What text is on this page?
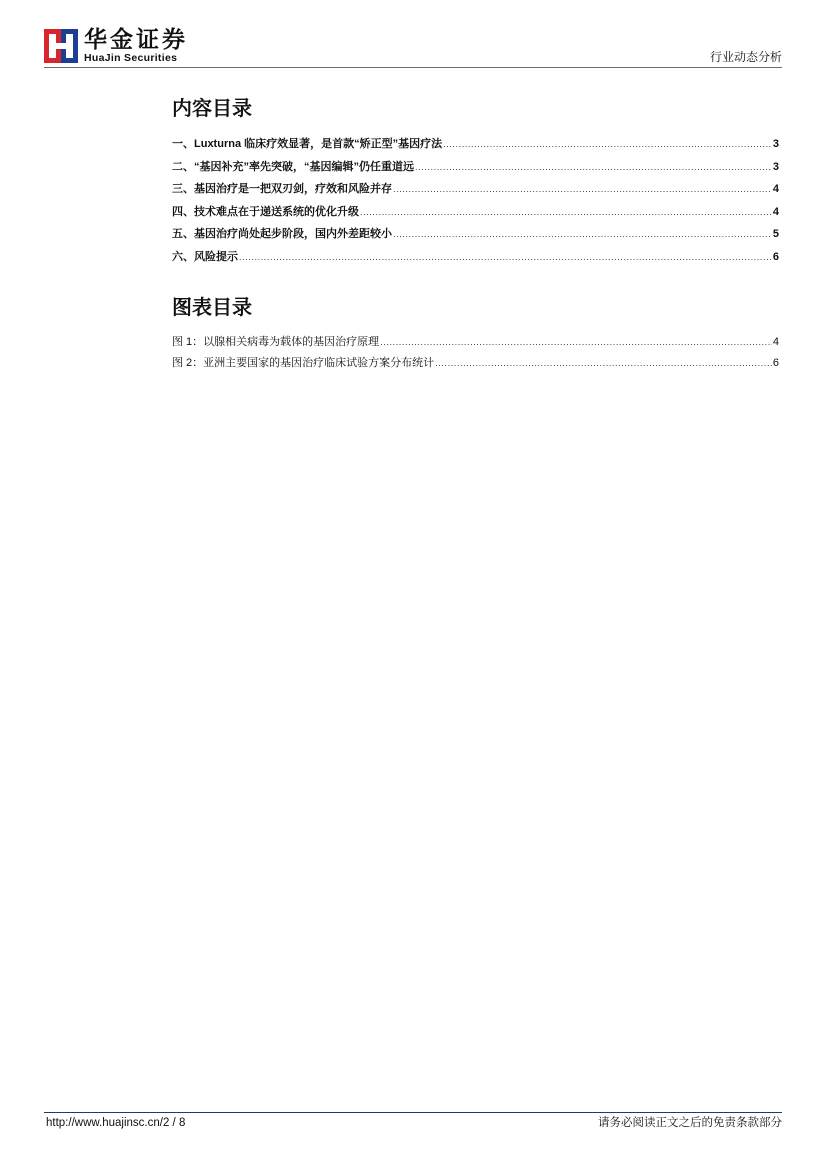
华金证券
HuaJin Securities	行业动态分析
内容目录
一、Luxturna 临床疗效显著，是首款“矫正型”基因疗法 .....	3
二、“基因补充”率先突破，“基因编辑”仍任重道远 .....	3
三、基因治疗是一把双刃剑，疗效和风险并存 .....	4
四、技术难点在于递送系统的优化升级 .....	4
五、基因治疗尚处起步阶段，国内外差距较小 .....	5
六、风险提示 .....	6
图表目录
图 1：以腺相关病毒为载体的基因治疗原理 .....	4
图 2：亚洲主要国家的基因治疗临床试验方案分布统计 .....	6
http://www.huajinsc.cn/2 / 8	请务必阅读正文之后的免责条款部分
